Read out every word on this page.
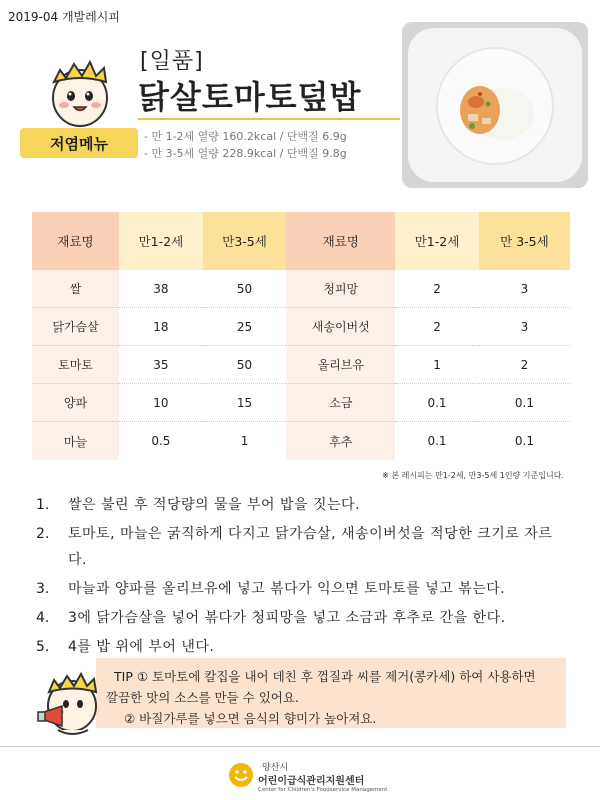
2019-04 개발레시피
저염메뉴
[일품]
닭살토마토덮밥
- 만 1-2세 열량 160.2kcal / 단백질 6.9g
- 만 3-5세 열량 228.9kcal / 단백질 9.8g
재료명	만1-2세	만3-5세	재료명	만1-2세	만 3-5세
쌀	38	50	청피망	2	3
닭가슴살	18	25	새송이버섯	2	3
토마토	35	50	올리브유	1	2
양파	10	15	소금	0.1	0.1
마늘	0.5	1	후추	0.1	0.1
※ 본 레시피는 만1-2세, 만3-5세 1인량 기준입니다.
1.	쌀은 불린 후 적당량의 물을 부어 밥을 짓는다.
2.	토마토, 마늘은 굵직하게 다지고 닭가슴살, 새송이버섯을 적당한 크기로 자르다.
3.	마늘과 양파를 올리브유에 넣고 볶다가 익으면 토마토를 넣고 볶는다.
4.	3에 닭가슴살을 넣어 볶다가 청피망을 넣고 소금과 후추로 간을 한다.
5.	4를 밥 위에 부어 낸다.
TIP ① 토마토에 칼집을 내어 데친 후 껍질과 씨를 제거(콩카세) 하여 사용하면
깔끔한 맛의 소스를 만들 수 있어요.
② 바질가루를 넣으면 음식의 향미가 높아져요.
양산시
어린이급식관리지원센터
Center for Children's Foodservice Management
